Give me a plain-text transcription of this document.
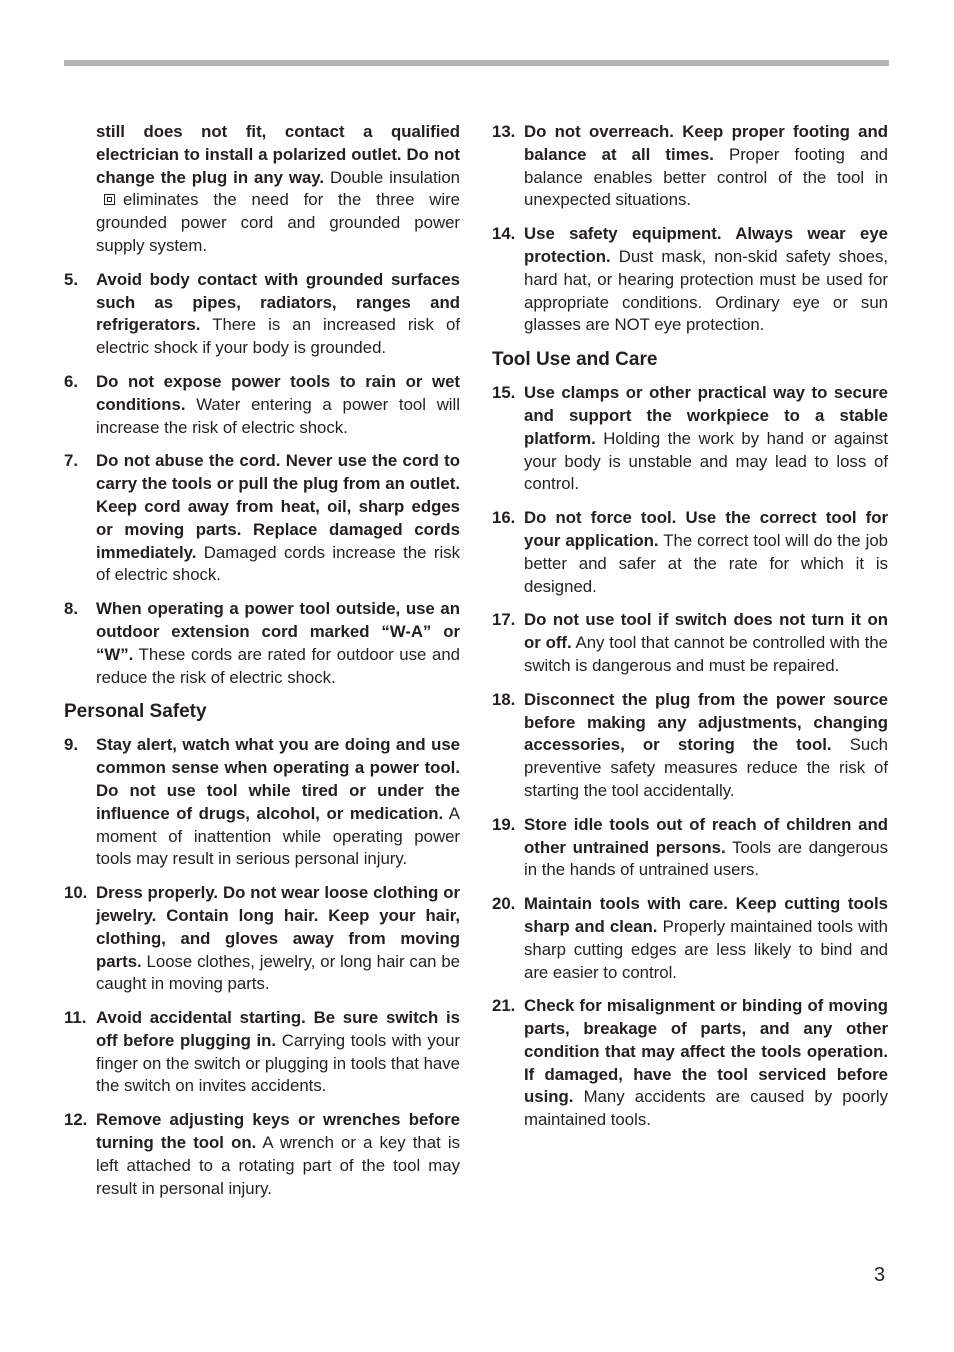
still does not fit, contact a qualified electrician to install a polarized outlet. Do not change the plug in any way. Double insulationeliminates the need for the three wire grounded power cord and grounded power supply system.
5.	Avoid body contact with grounded surfaces such as pipes, radiators, ranges and refrigerators. There is an increased risk of electric shock if your body is grounded.
6.	Do not expose power tools to rain or wet conditions. Water entering a power tool will increase the risk of electric shock.
7.	Do not abuse the cord. Never use the cord to carry the tools or pull the plug from an outlet. Keep cord away from heat, oil, sharp edges or moving parts. Replace damaged cords immediately. Damaged cords increase the risk of electric shock.
8.	When operating a power tool outside, use an outdoor extension cord marked “W-A” or “W”. These cords are rated for outdoor use and reduce the risk of electric shock.
Personal Safety
9.	Stay alert, watch what you are doing and use common sense when operating a power tool. Do not use tool while tired or under the influence of drugs, alcohol, or medication. A moment of inattention while operating power tools may result in serious personal injury.
10. Dress properly. Do not wear loose clothing or jewelry. Contain long hair. Keep your hair, clothing, and gloves away from moving parts. Loose clothes, jewelry, or long hair can be caught in moving parts.
11. Avoid accidental starting. Be sure switch is off before plugging in. Carrying tools with your finger on the switch or plugging in tools that have the switch on invites accidents.
12. Remove adjusting keys or wrenches before turning the tool on. A wrench or a key that is left attached to a rotating part of the tool may result in personal injury.
13. Do not overreach. Keep proper footing and balance at all times. Proper footing and balance enables better control of the tool in unexpected situations.
14. Use safety equipment. Always wear eye protection. Dust mask, non-skid safety shoes, hard hat, or hearing protection must be used for appropriate conditions. Ordinary eye or sun glasses are NOT eye protection.
Tool Use and Care
15. Use clamps or other practical way to secure and support the workpiece to a stable platform. Holding the work by hand or against your body is unstable and may lead to loss of control.
16. Do not force tool. Use the correct tool for your application. The correct tool will do the job better and safer at the rate for which it is designed.
17. Do not use tool if switch does not turn it on or off. Any tool that cannot be controlled with the switch is dangerous and must be repaired.
18. Disconnect the plug from the power source before making any adjustments, changing accessories, or storing the tool. Such preventive safety measures reduce the risk of starting the tool accidentally.
19. Store idle tools out of reach of children and other untrained persons. Tools are dangerous in the hands of untrained users.
20. Maintain tools with care. Keep cutting tools sharp and clean. Properly maintained tools with sharp cutting edges are less likely to bind and are easier to control.
21. Check for misalignment or binding of moving parts, breakage of parts, and any other condition that may affect the tools operation. If damaged, have the tool serviced before using. Many accidents are caused by poorly maintained tools.
3
